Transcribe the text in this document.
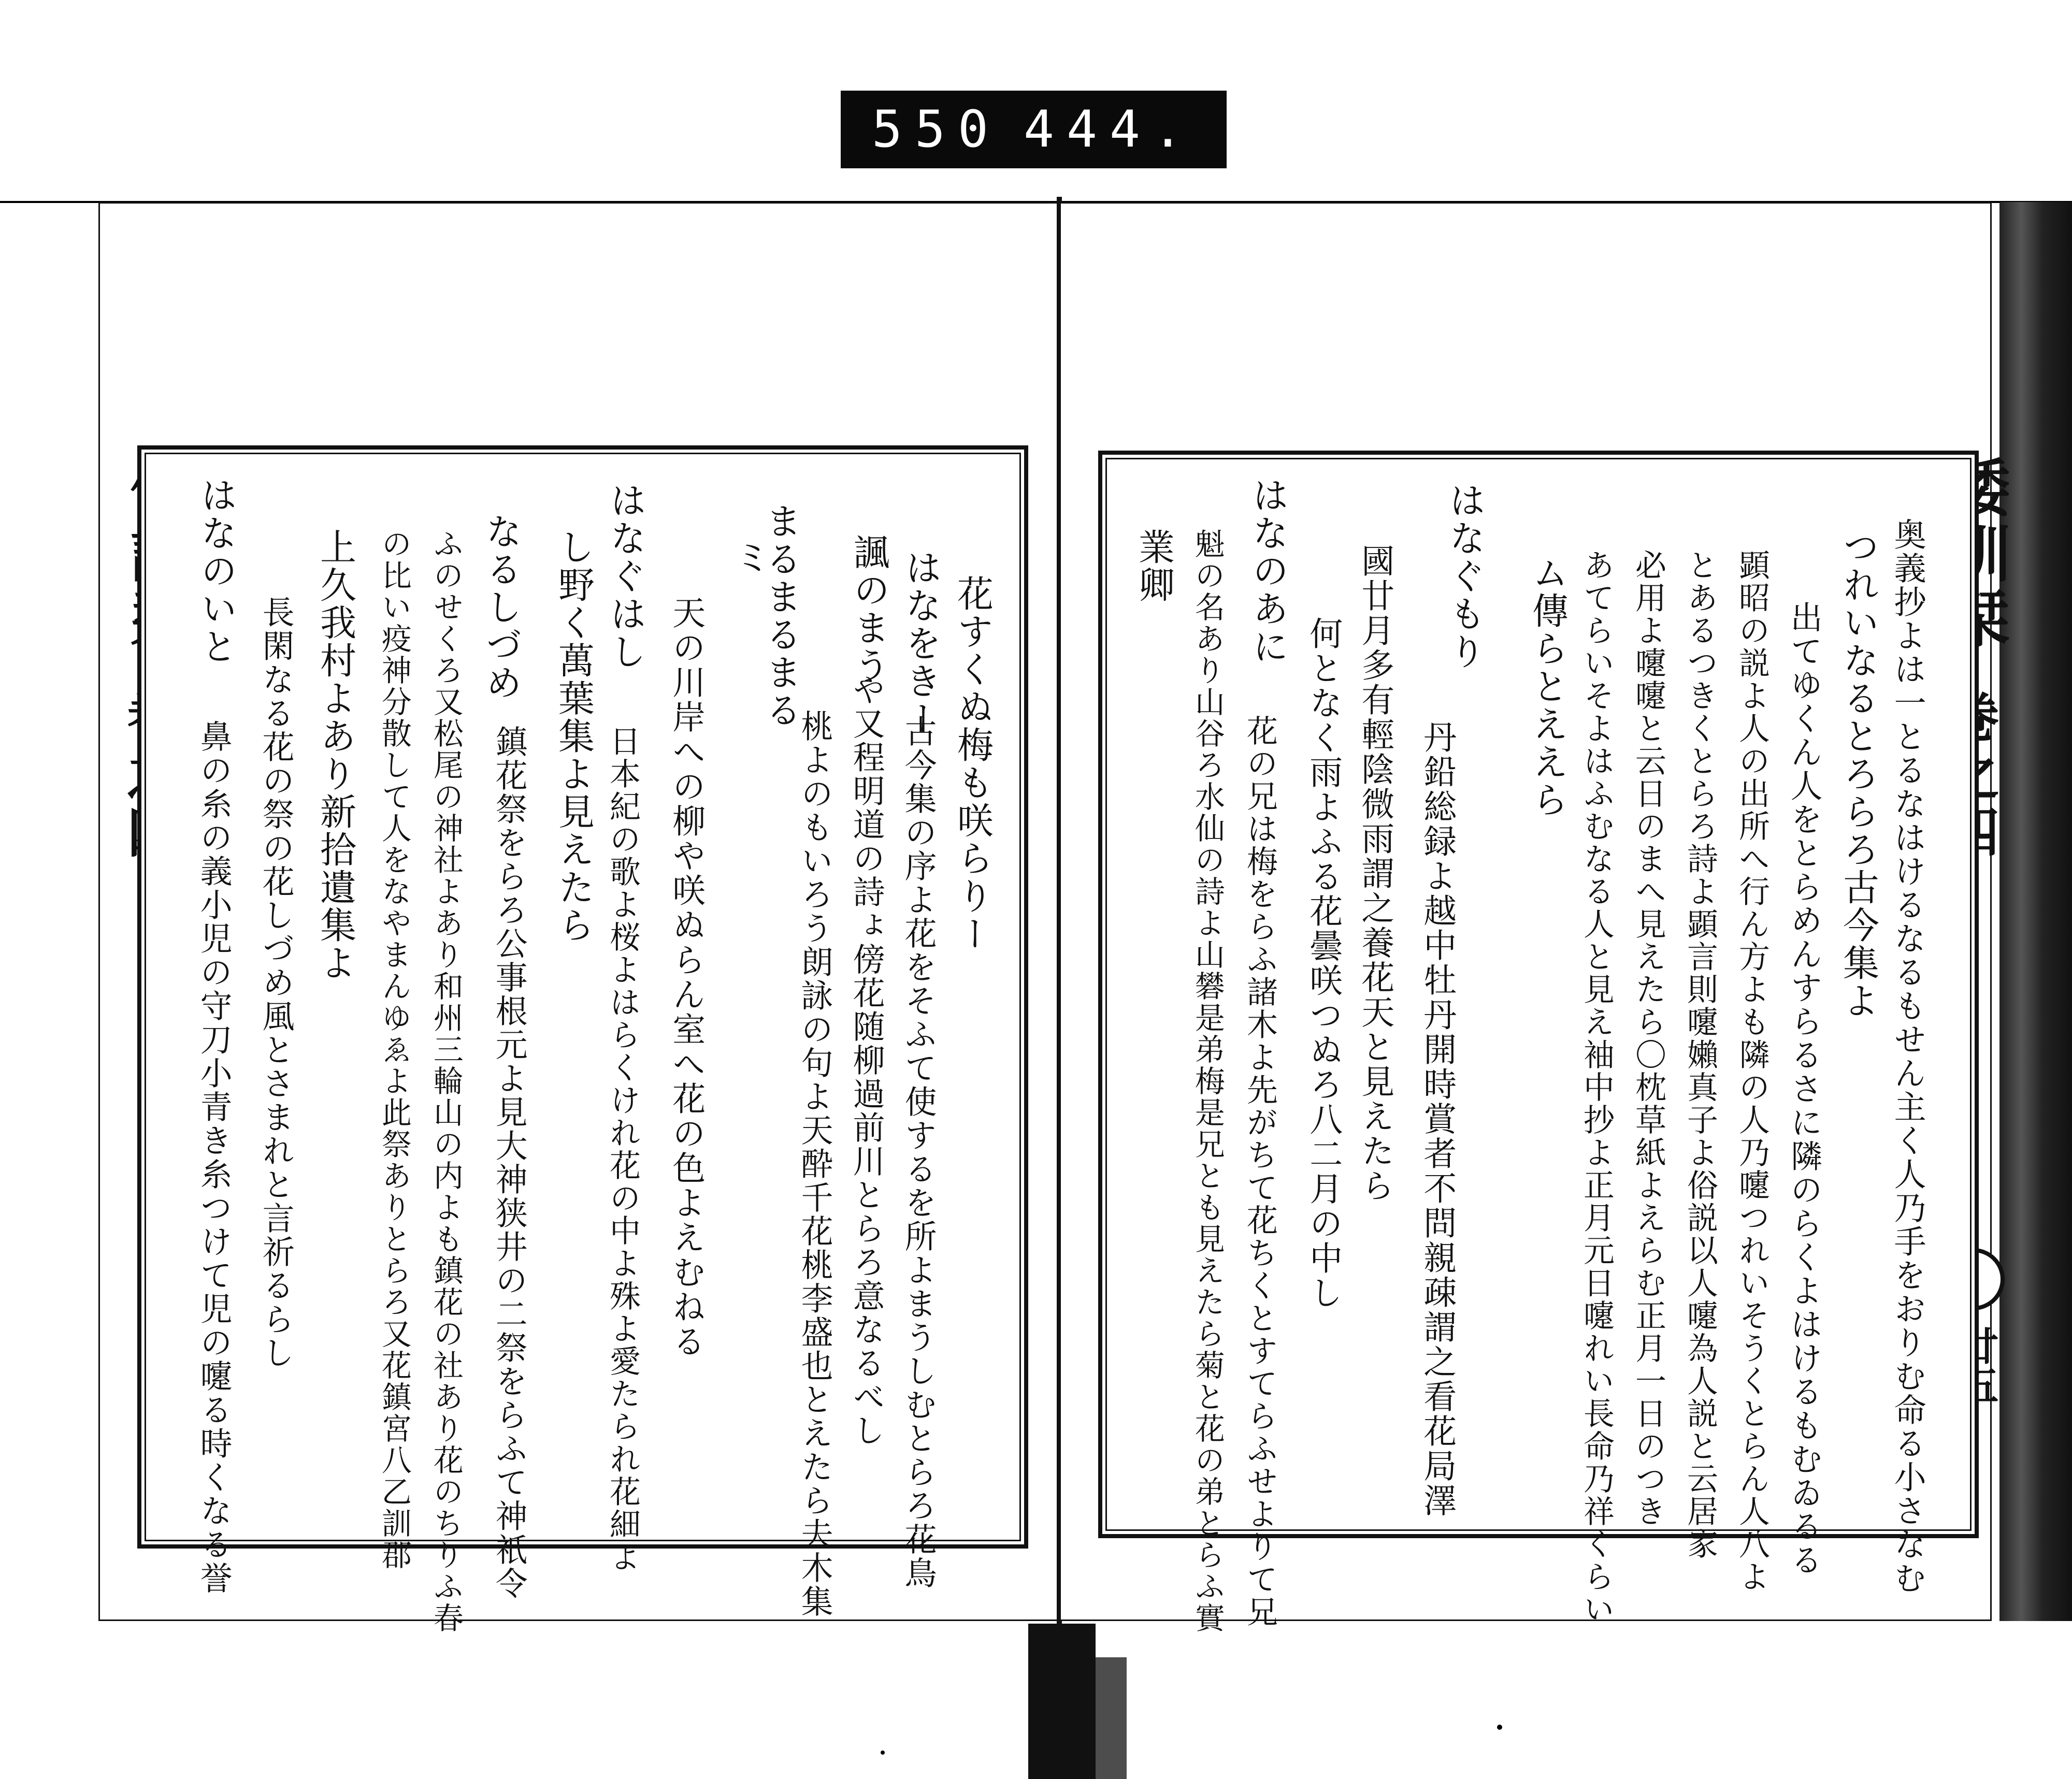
550 444.
花すくぬ梅も咲らりー
はなをきー
古今集の序よ花をそふて使するを所よまうしむとらろ花鳥
諷のまう
や又程明道の詩ょ傍花随柳過前川とらろ意なるべし
桃よのもいろう朗詠の句よ天酔千花桃李盛也とえたら夫木集
まるまるまる
ミ
天の川岸への柳や咲ぬらん室へ花の色よえむねる
日本紀の歌よ桜よはらくけれ花の中よ殊よ愛たられ花細よ
はなぐはし
し野く萬葉集よ見えたら
鎮花祭をらろ公事根元よ見大神狭井の二祭をらふて神祇令
なるしづめ
ふのせくろ又松尾の神社よあり和州三輪山の内よも鎮花の社あり花のちりふ春
の比い疫神分散して人をなやまんゆゑよ此祭ありとらろ又花鎮宮八乙訓郡
上久我村よあり新拾遺集よ
長閑なる花の祭の花しづめ風とさまれと言祈るらし
はなのいと
鼻の糸の義小児の守刀小青き糸つけて児の嚔る時くなる誉	奥義抄よは一とるなはけるなるもせん主く人乃手をおりむ命る小さなむ
つれいなるとろらろ古今集よ
出てゆくん人をとらめんすらるさに隣のらくよはけるもむゐるる
顕昭の説よ人の出所へ行ん方よも隣の人乃嚔つれいそうくとらん人八よ
とあるつきくとらろ詩よ顕言則嚔嬾真子よ俗説以人嚔為人説と云居家
必用よ嚔嚔と云日のまへ見えたら〇枕草紙よえらむ正月一日のつき
あてらいそよはふむなる人と見え袖中抄よ正月元日嚔れい長命乃祥くらい
ム傳らとええら
はなぐもり
丹鉛総録よ越中牡丹開時賞者不問親疎謂之看花局澤
國廿月多有輕陰微雨謂之養花天と見えたら
何となく雨よふる花曇咲つぬろ八二月の中し
はなのあに
花の兄は梅をらふ諸木よ先がちて花ちくとすてらふせよりて兄
魁の名あり山谷ろ水仙の詩よ山礬是弟梅是兄とも見えたら菊と花の弟とらふ實
業卿
